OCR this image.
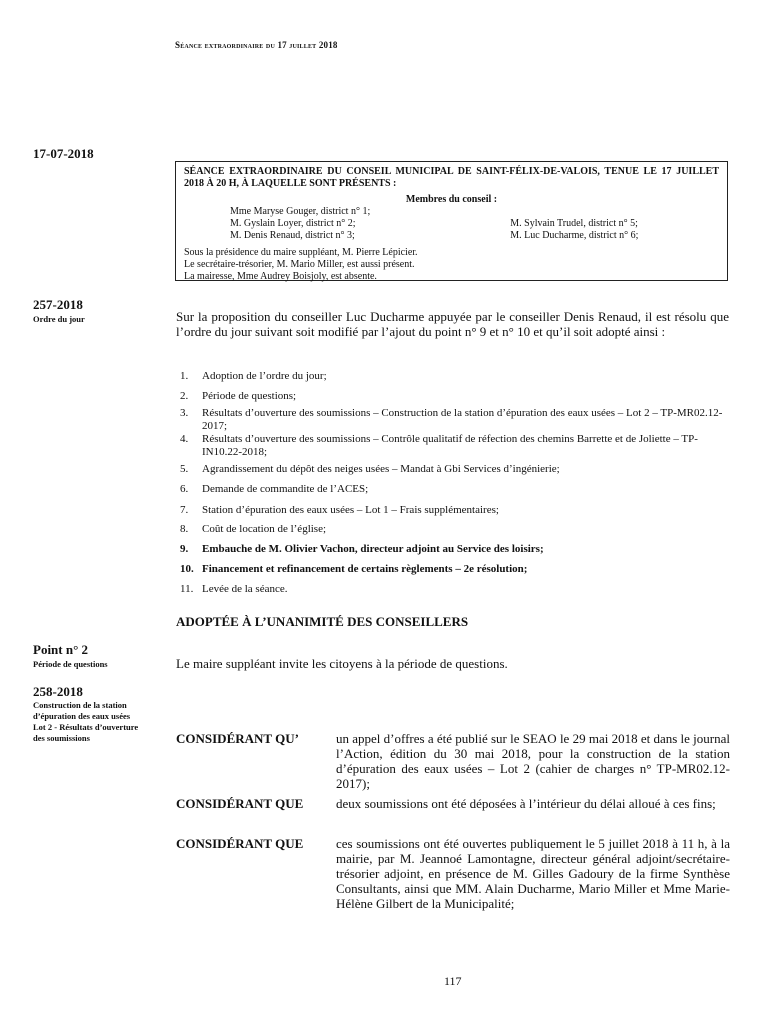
Séance extraordinaire du 17 juillet 2018
17-07-2018
257-2018
Ordre du jour
Point n° 2
Période de questions
258-2018
Construction de la station
d’épuration des eaux usées
Lot 2 - Résultats d’ouverture
des soumissions
SÉANCE EXTRAORDINAIRE DU CONSEIL MUNICIPAL DE SAINT-FÉLIX-DE-VALOIS, TENUE LE 17 JUILLET 2018 À 20 H, À LAQUELLE SONT PRÉSENTS :
Membres du conseil :
Mme Maryse Gouger, district n° 1;	
M. Gyslain Loyer, district n° 2;	M. Sylvain Trudel, district n° 5;
M. Denis Renaud, district n° 3;	M. Luc Ducharme, district n° 6;
Sous la présidence du maire suppléant, M. Pierre Lépicier.
Le secrétaire-trésorier, M. Mario Miller, est aussi présent.
La mairesse, Mme Audrey Boisjoly, est absente.
Sur la proposition du conseiller Luc Ducharme appuyée par le conseiller Denis Renaud, il est résolu que l’ordre du jour suivant soit modifié par l’ajout du point n° 9 et n° 10 et qu’il soit adopté ainsi :
1.	Adoption de l’ordre du jour;
2.	Période de questions;
3.	Résultats d’ouverture des soumissions – Construction de la station d’épuration des eaux usées – Lot 2 – TP-MR02.12-2017;
4.	Résultats d’ouverture des soumissions – Contrôle qualitatif de réfection des chemins Barrette et de Joliette – TP-IN10.22-2018;
5.	Agrandissement du dépôt des neiges usées – Mandat à Gbi Services d’ingénierie;
6.	Demande de commandite de l’ACES;
7.	Station d’épuration des eaux usées – Lot 1 – Frais supplémentaires;
8.	Coût de location de l’église;
9.	Embauche de M. Olivier Vachon, directeur adjoint au Service des loisirs;
10. Financement et refinancement de certains règlements – 2e résolution;
11. Levée de la séance.
ADOPTÉE À L’UNANIMITÉ DES CONSEILLERS
Le maire suppléant invite les citoyens à la période de questions.
CONSIDÉRANT QU’	un appel d’offres a été publié sur le SEAO le 29 mai 2018 et dans le journal l’Action, édition du 30 mai 2018, pour la construction de la station d’épuration des eaux usées – Lot 2 (cahier de charges n° TP-MR02.12-2017);
CONSIDÉRANT QUE	deux soumissions ont été déposées à l’intérieur du délai alloué à ces fins;
CONSIDÉRANT QUE	ces soumissions ont été ouvertes publiquement le 5 juillet 2018 à 11 h, à la mairie, par M. Jeannoé Lamontagne, directeur général adjoint/secrétaire-trésorier adjoint, en présence de M. Gilles Gadoury de la firme Synthèse Consultants, ainsi que MM. Alain Ducharme, Mario Miller et Mme Marie-Hélène Gilbert de la Municipalité;
117
